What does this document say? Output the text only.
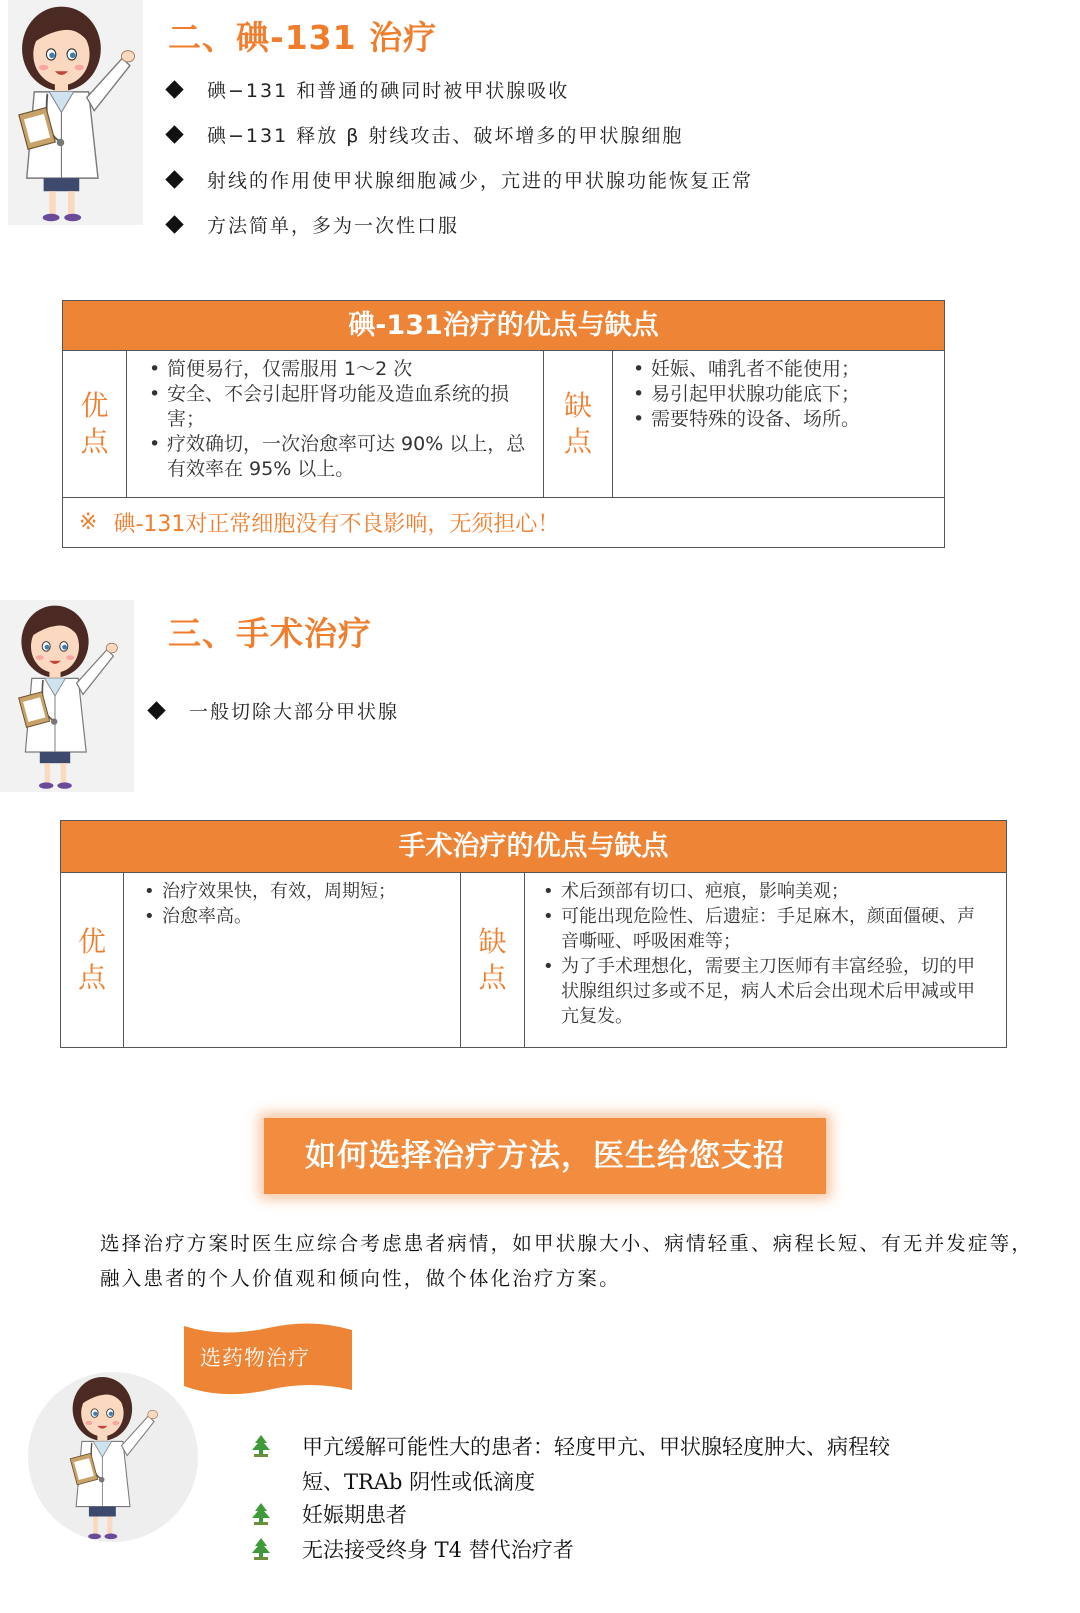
二、碘-131 治疗
碘−131 和普通的碘同时被甲状腺吸收
碘−131 释放 β 射线攻击、破坏增多的甲状腺细胞
射线的作用使甲状腺细胞减少，亢进的甲状腺功能恢复正常
方法简单，多为一次性口服
碘-131治疗的优点与缺点
优
点
• 简便易行，仅需服用 1～2 次
• 安全、不会引起肝肾功能及造血系统的损害；
• 疗效确切，一次治愈率可达 90% 以上，总有效率在 95% 以上。
缺
点
• 妊娠、哺乳者不能使用；
• 易引起甲状腺功能底下；
• 需要特殊的设备、场所。
※ 碘-131对正常细胞没有不良影响，无须担心！
三、手术治疗
一般切除大部分甲状腺
手术治疗的优点与缺点
优
点
• 治疗效果快，有效，周期短；
• 治愈率高。
缺
点
• 术后颈部有切口、疤痕，影响美观；
• 可能出现危险性、后遗症：手足麻木，颜面僵硬、声音嘶哑、呼吸困难等；
• 为了手术理想化，需要主刀医师有丰富经验，切的甲状腺组织过多或不足，病人术后会出现术后甲减或甲亢复发。
如何选择治疗方法，医生给您支招
选择治疗方案时医生应综合考虑患者病情，如甲状腺大小、病情轻重、病程长短、有无并发症等，融入患者的个人价值观和倾向性，做个体化治疗方案。
选药物治疗
甲亢缓解可能性大的患者：轻度甲亢、甲状腺轻度肿大、病程较短、TRAb 阴性或低滴度
妊娠期患者
无法接受终身 T4 替代治疗者
